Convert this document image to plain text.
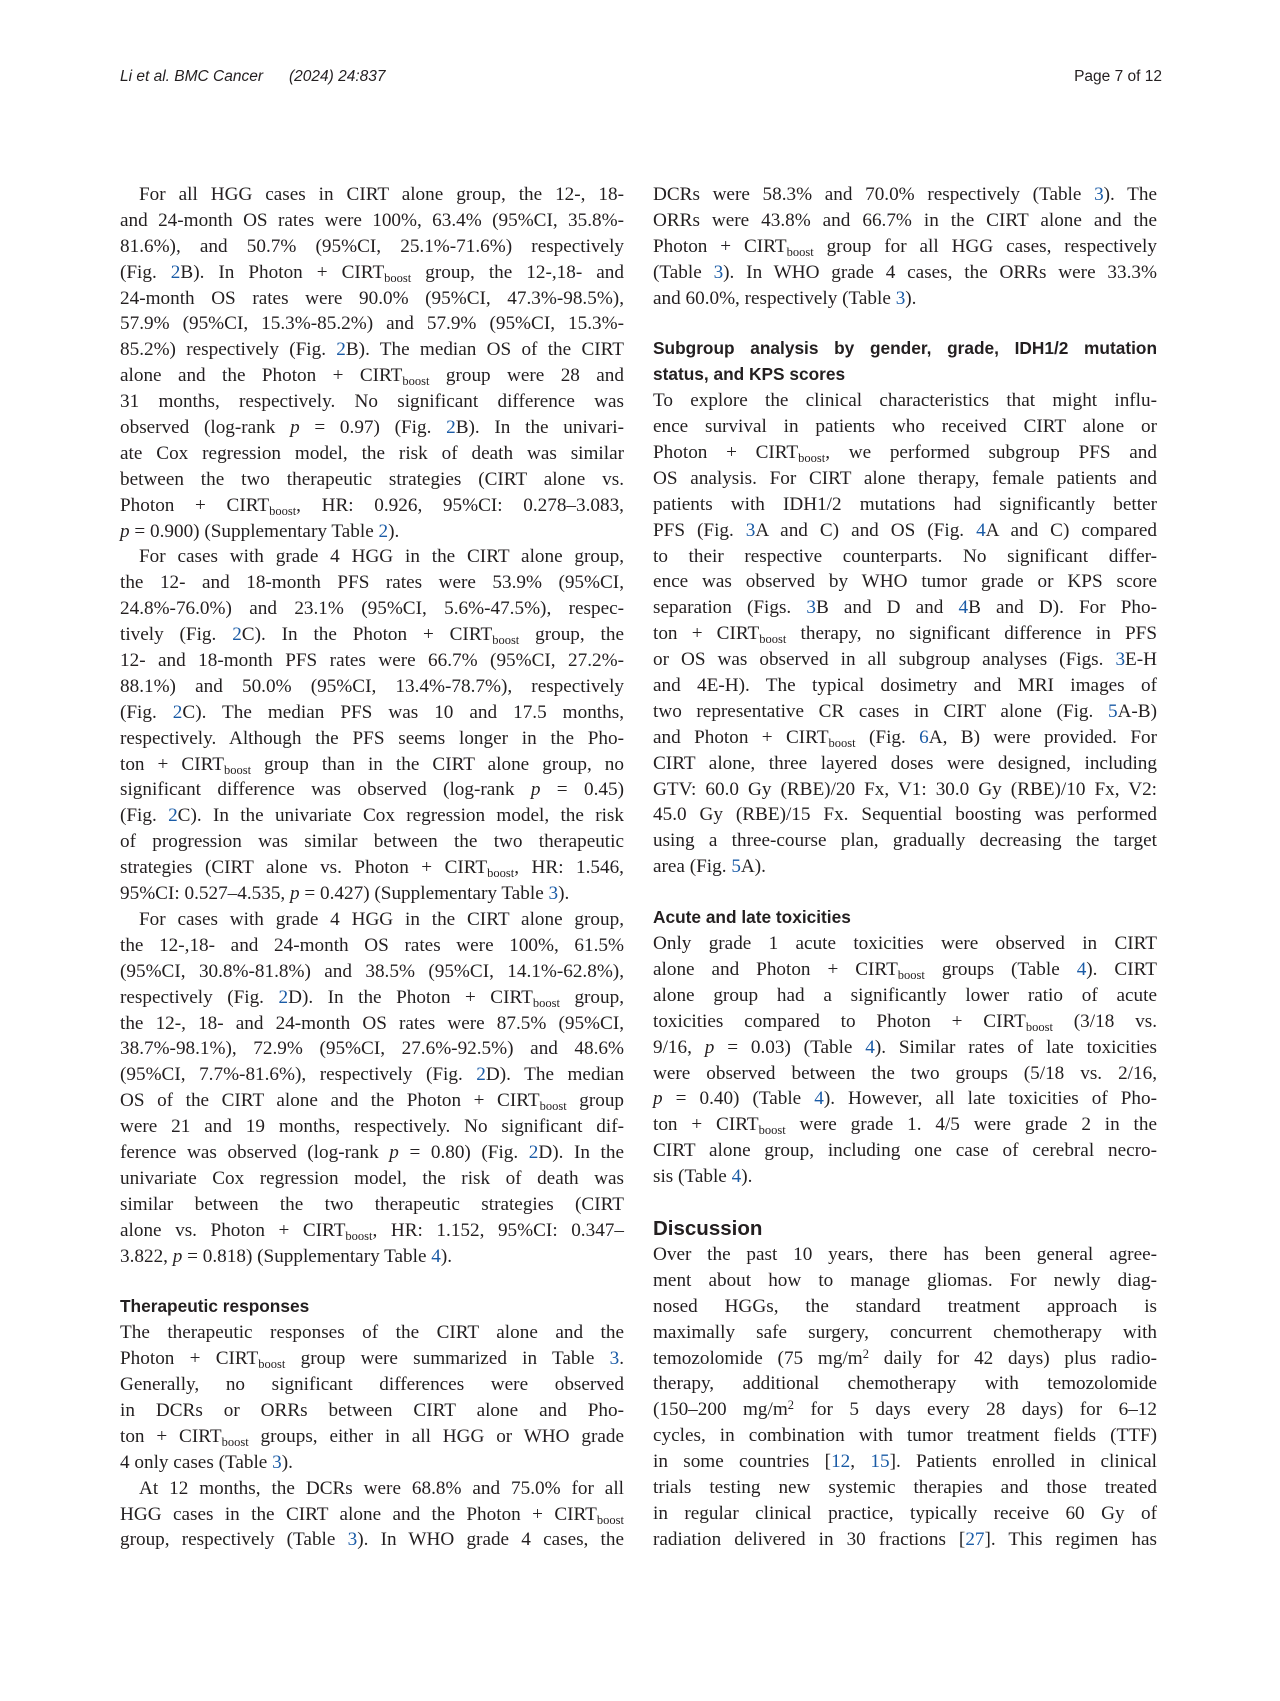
Li et al. BMC Cancer (2024) 24:837	Page 7 of 12
For all HGG cases in CIRT alone group, the 12-, 18-
and 24-month OS rates were 100%, 63.4% (95%CI, 35.8%-
81.6%), and 50.7% (95%CI, 25.1%-71.6%) respectively
(Fig. 2B). In Photon + $CIRT_{boost}$ group, the 12-,18- and
24-month OS rates were 90.0% (95%CI, 47.3%-98.5%),
57.9% (95%CI, 15.3%-85.2%) and 57.9% (95%CI, 15.3%-
85.2%) respectively (Fig. 2B). The median OS of the CIRT
alone and the Photon + $CIRT_{boost}$ group were 28 and
31 months, respectively. No significant difference was
observed (log-rank p = 0.97) (Fig. 2B). In the univari-
ate Cox regression model, the risk of death was similar
between the two therapeutic strategies (CIRT alone vs.
Photon + $CIRT_{boost}$, HR: 0.926, 95%CI: 0.278–3.083,
p = 0.900) (Supplementary Table 2).
For cases with grade 4 HGG in the CIRT alone group,
the 12- and 18-month PFS rates were 53.9% (95%CI,
24.8%-76.0%) and 23.1% (95%CI, 5.6%-47.5%), respec-
tively (Fig. 2C). In the Photon + $CIRT_{boost}$ group, the
12- and 18-month PFS rates were 66.7% (95%CI, 27.2%-
88.1%) and 50.0% (95%CI, 13.4%-78.7%), respectively
(Fig. 2C). The median PFS was 10 and 17.5 months,
respectively. Although the PFS seems longer in the Pho-
ton + $CIRT_{boost}$ group than in the CIRT alone group, no
significant difference was observed (log-rank p = 0.45)
(Fig. 2C). In the univariate Cox regression model, the risk
of progression was similar between the two therapeutic
strategies (CIRT alone vs. Photon + $CIRT_{boost}$, HR: 1.546,
95%CI: 0.527–4.535, p = 0.427) (Supplementary Table 3).
For cases with grade 4 HGG in the CIRT alone group,
the 12-,18- and 24-month OS rates were 100%, 61.5%
(95%CI, 30.8%-81.8%) and 38.5% (95%CI, 14.1%-62.8%),
respectively (Fig. 2D). In the Photon + $CIRT_{boost}$ group,
the 12-, 18- and 24-month OS rates were 87.5% (95%CI,
38.7%-98.1%), 72.9% (95%CI, 27.6%-92.5%) and 48.6%
(95%CI, 7.7%-81.6%), respectively (Fig. 2D). The median
OS of the CIRT alone and the Photon + $CIRT_{boost}$ group
were 21 and 19 months, respectively. No significant dif-
ference was observed (log-rank p = 0.80) (Fig. 2D). In the
univariate Cox regression model, the risk of death was
similar between the two therapeutic strategies (CIRT
alone vs. Photon + $CIRT_{boost}$, HR: 1.152, 95%CI: 0.347–
3.822, p = 0.818) (Supplementary Table 4).
Therapeutic responses
The therapeutic responses of the CIRT alone and the
Photon + $CIRT_{boost}$ group were summarized in Table 3.
Generally, no significant differences were observed
in DCRs or ORRs between CIRT alone and Pho-
ton + $CIRT_{boost}$ groups, either in all HGG or WHO grade
4 only cases (Table 3).
At 12 months, the DCRs were 68.8% and 75.0% for all
HGG cases in the CIRT alone and the Photon + $CIRT_{boost}$
group, respectively (Table 3). In WHO grade 4 cases, the
DCRs were 58.3% and 70.0% respectively (Table 3). The
ORRs were 43.8% and 66.7% in the CIRT alone and the
Photon + $CIRT_{boost}$ group for all HGG cases, respectively
(Table 3). In WHO grade 4 cases, the ORRs were 33.3%
and 60.0%, respectively (Table 3).
Subgroup analysis by gender, grade, IDH1/2 mutation
status, and KPS scores
To explore the clinical characteristics that might influ-
ence survival in patients who received CIRT alone or
Photon + $CIRT_{boost}$, we performed subgroup PFS and
OS analysis. For CIRT alone therapy, female patients and
patients with IDH1/2 mutations had significantly better
PFS (Fig. 3A and C) and OS (Fig. 4A and C) compared
to their respective counterparts. No significant differ-
ence was observed by WHO tumor grade or KPS score
separation (Figs. 3B and D and 4B and D). For Pho-
ton + $CIRT_{boost}$ therapy, no significant difference in PFS
or OS was observed in all subgroup analyses (Figs. 3E-H
and 4E-H). The typical dosimetry and MRI images of
two representative CR cases in CIRT alone (Fig. 5A-B)
and Photon + $CIRT_{boost}$ (Fig. 6A, B) were provided. For
CIRT alone, three layered doses were designed, including
GTV: 60.0 Gy (RBE)/20 Fx, V1: 30.0 Gy (RBE)/10 Fx, V2:
45.0 Gy (RBE)/15 Fx. Sequential boosting was performed
using a three-course plan, gradually decreasing the target
area (Fig. 5A).
Acute and late toxicities
Only grade 1 acute toxicities were observed in CIRT
alone and Photon + $CIRT_{boost}$ groups (Table 4). CIRT
alone group had a significantly lower ratio of acute
toxicities compared to Photon + $CIRT_{boost}$ (3/18 vs.
9/16, p = 0.03) (Table 4). Similar rates of late toxicities
were observed between the two groups (5/18 vs. 2/16,
p = 0.40) (Table 4). However, all late toxicities of Pho-
ton + $CIRT_{boost}$ were grade 1. 4/5 were grade 2 in the
CIRT alone group, including one case of cerebral necro-
sis (Table 4).
Discussion
Over the past 10 years, there has been general agree-
ment about how to manage gliomas. For newly diag-
nosed HGGs, the standard treatment approach is
maximally safe surgery, concurrent chemotherapy with
temozolomide (75 $mg/m^2$ daily for 42 days) plus radio-
therapy, additional chemotherapy with temozolomide
(150–200 $mg/m^2$ for 5 days every 28 days) for 6–12
cycles, in combination with tumor treatment fields (TTF)
in some countries [12, 15]. Patients enrolled in clinical
trials testing new systemic therapies and those treated
in regular clinical practice, typically receive 60 Gy of
radiation delivered in 30 fractions [27]. This regimen has
